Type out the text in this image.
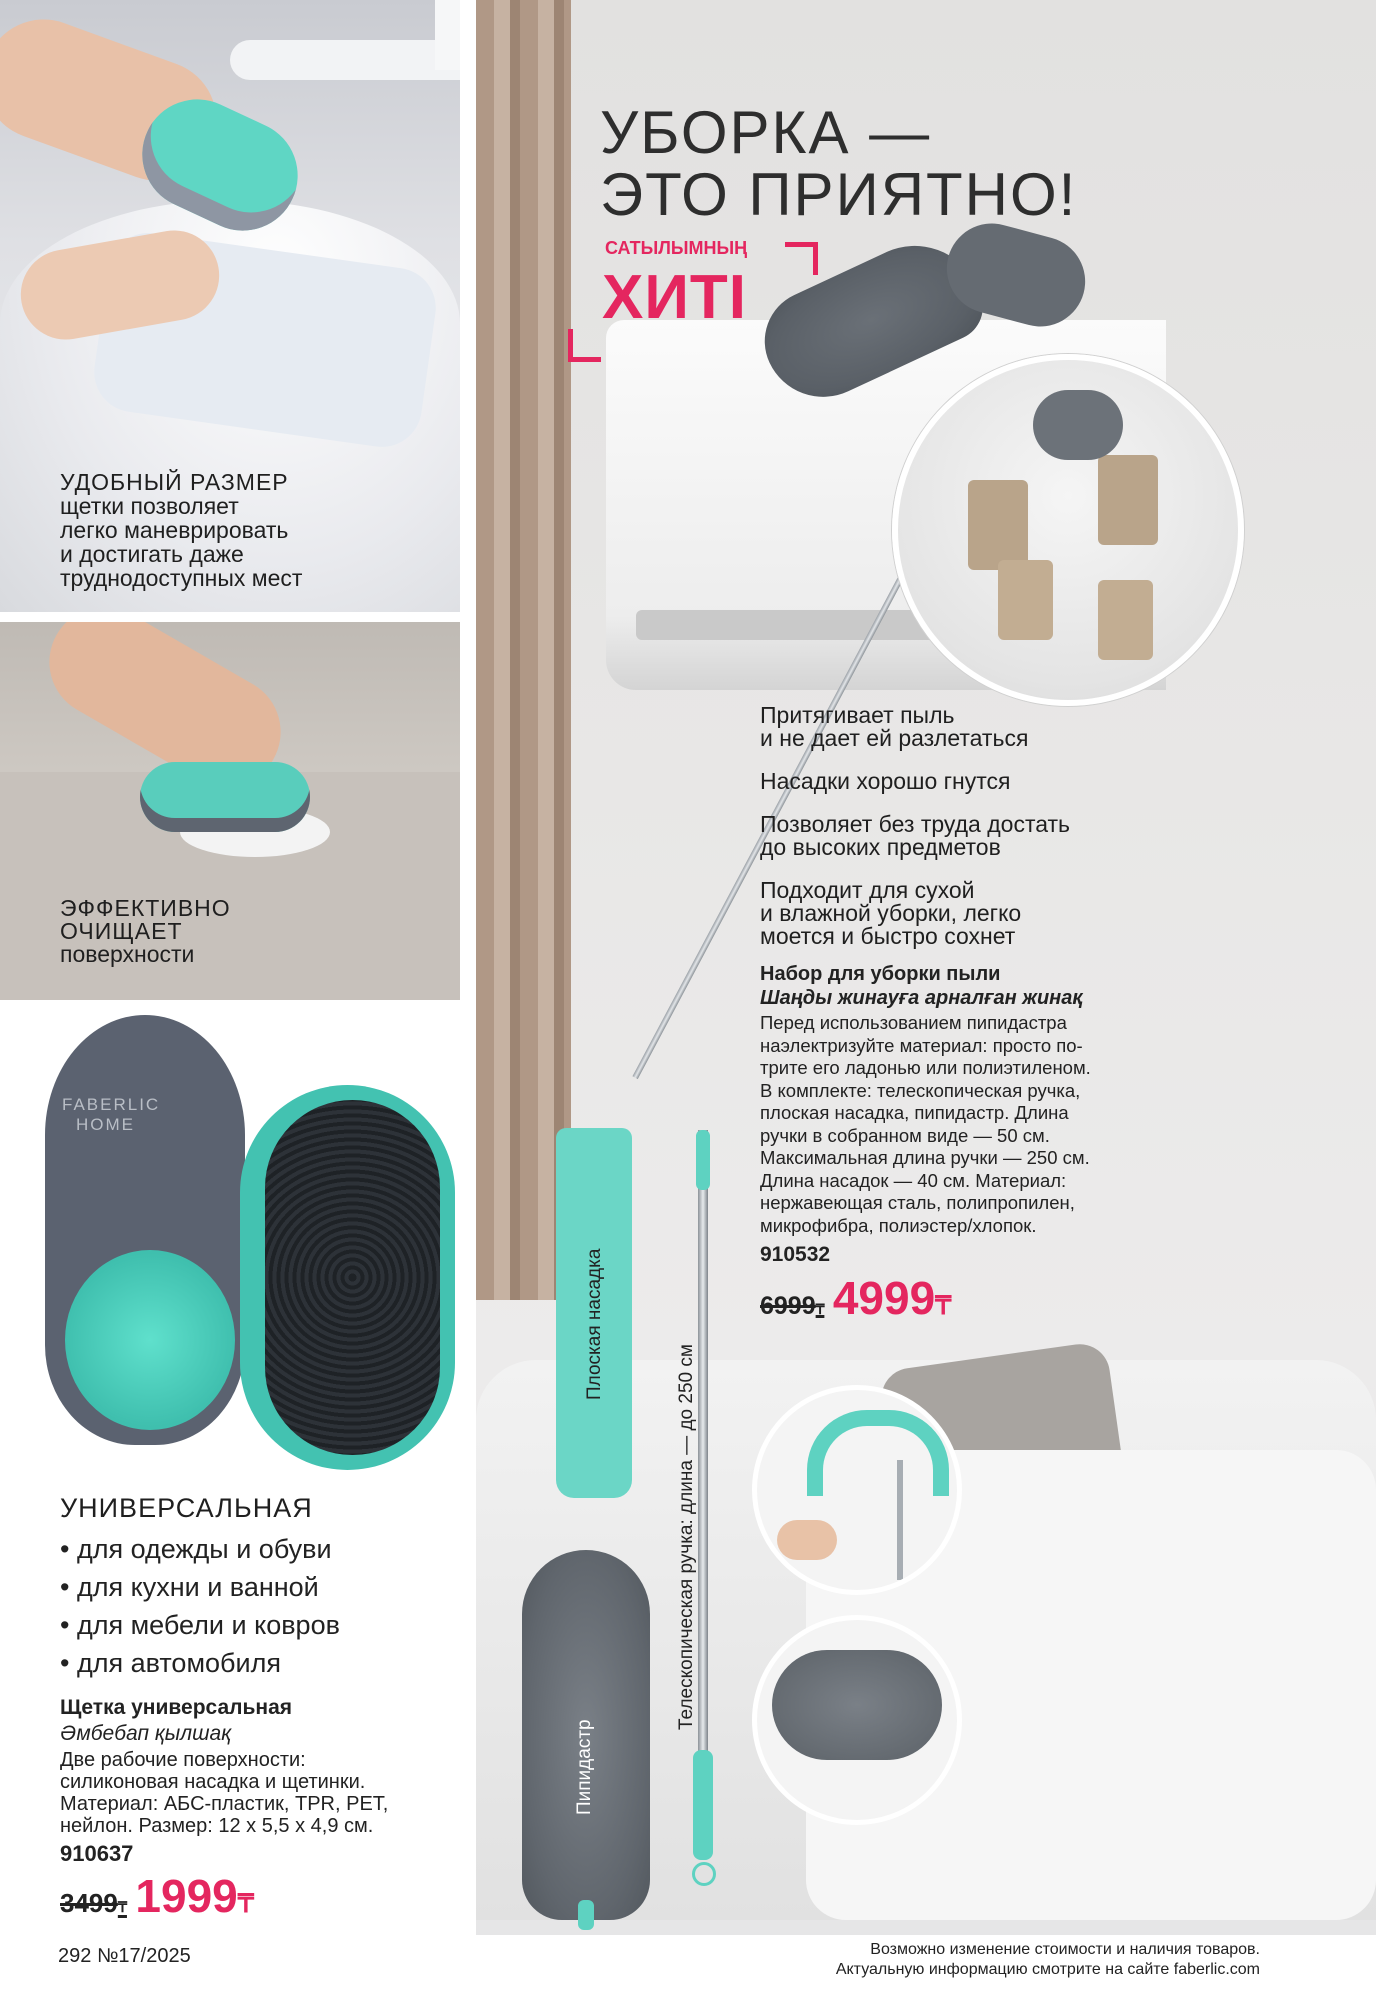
УДОБНЫЙ РАЗМЕР
щетки позволяет
легко маневрировать
и достигать даже
труднодоступных мест
ЭФФЕКТИВНО
ОЧИЩАЕТ
поверхности
FABERLIC
HOME
УНИВЕРСАЛЬНАЯ
• для одежды и обуви
• для кухни и ванной
• для мебели и ковров
• для автомобиля
Щетка универсальная
Әмбебап қылшақ
Две рабочие поверхности:
силиконовая насадка и щетинки.
Материал: АБС-пластик, TPR, PET,
нейлон. Размер: 12 x 5,5 x 4,9 см.
910637
3499₸ 1999₸
УБОРКА —
ЭТО ПРИЯТНО!
САТЫЛЫМНЫҢ
ХИТІ
Притягивает пыль
и не дает ей разлетаться
Насадки хорошо гнутся
Позволяет без труда достать
до высоких предметов
Подходит для сухой
и влажной уборки, легко
моется и быстро сохнет
Набор для уборки пыли
Шаңды жинауға арналған жинақ
Перед использованием пипидастра
наэлектризуйте материал: просто по-
трите его ладонью или полиэтиленом.
В комплекте: телескопическая ручка,
плоская насадка, пипидастр. Длина
ручки в собранном виде — 50 см.
Максимальная длина ручки — 250 см.
Длина насадок — 40 см. Материал:
нержавеющая сталь, полипропилен,
микрофибра, полиэстер/хлопок.
910532
6999₸ 4999₸
Плоская насадка
Телескопическая ручка: длина — до 250 см
Пипидастр
292 №17/2025	Возможно изменение стоимости и наличия товаров.
Актуальную информацию смотрите на сайте faberlic.com
